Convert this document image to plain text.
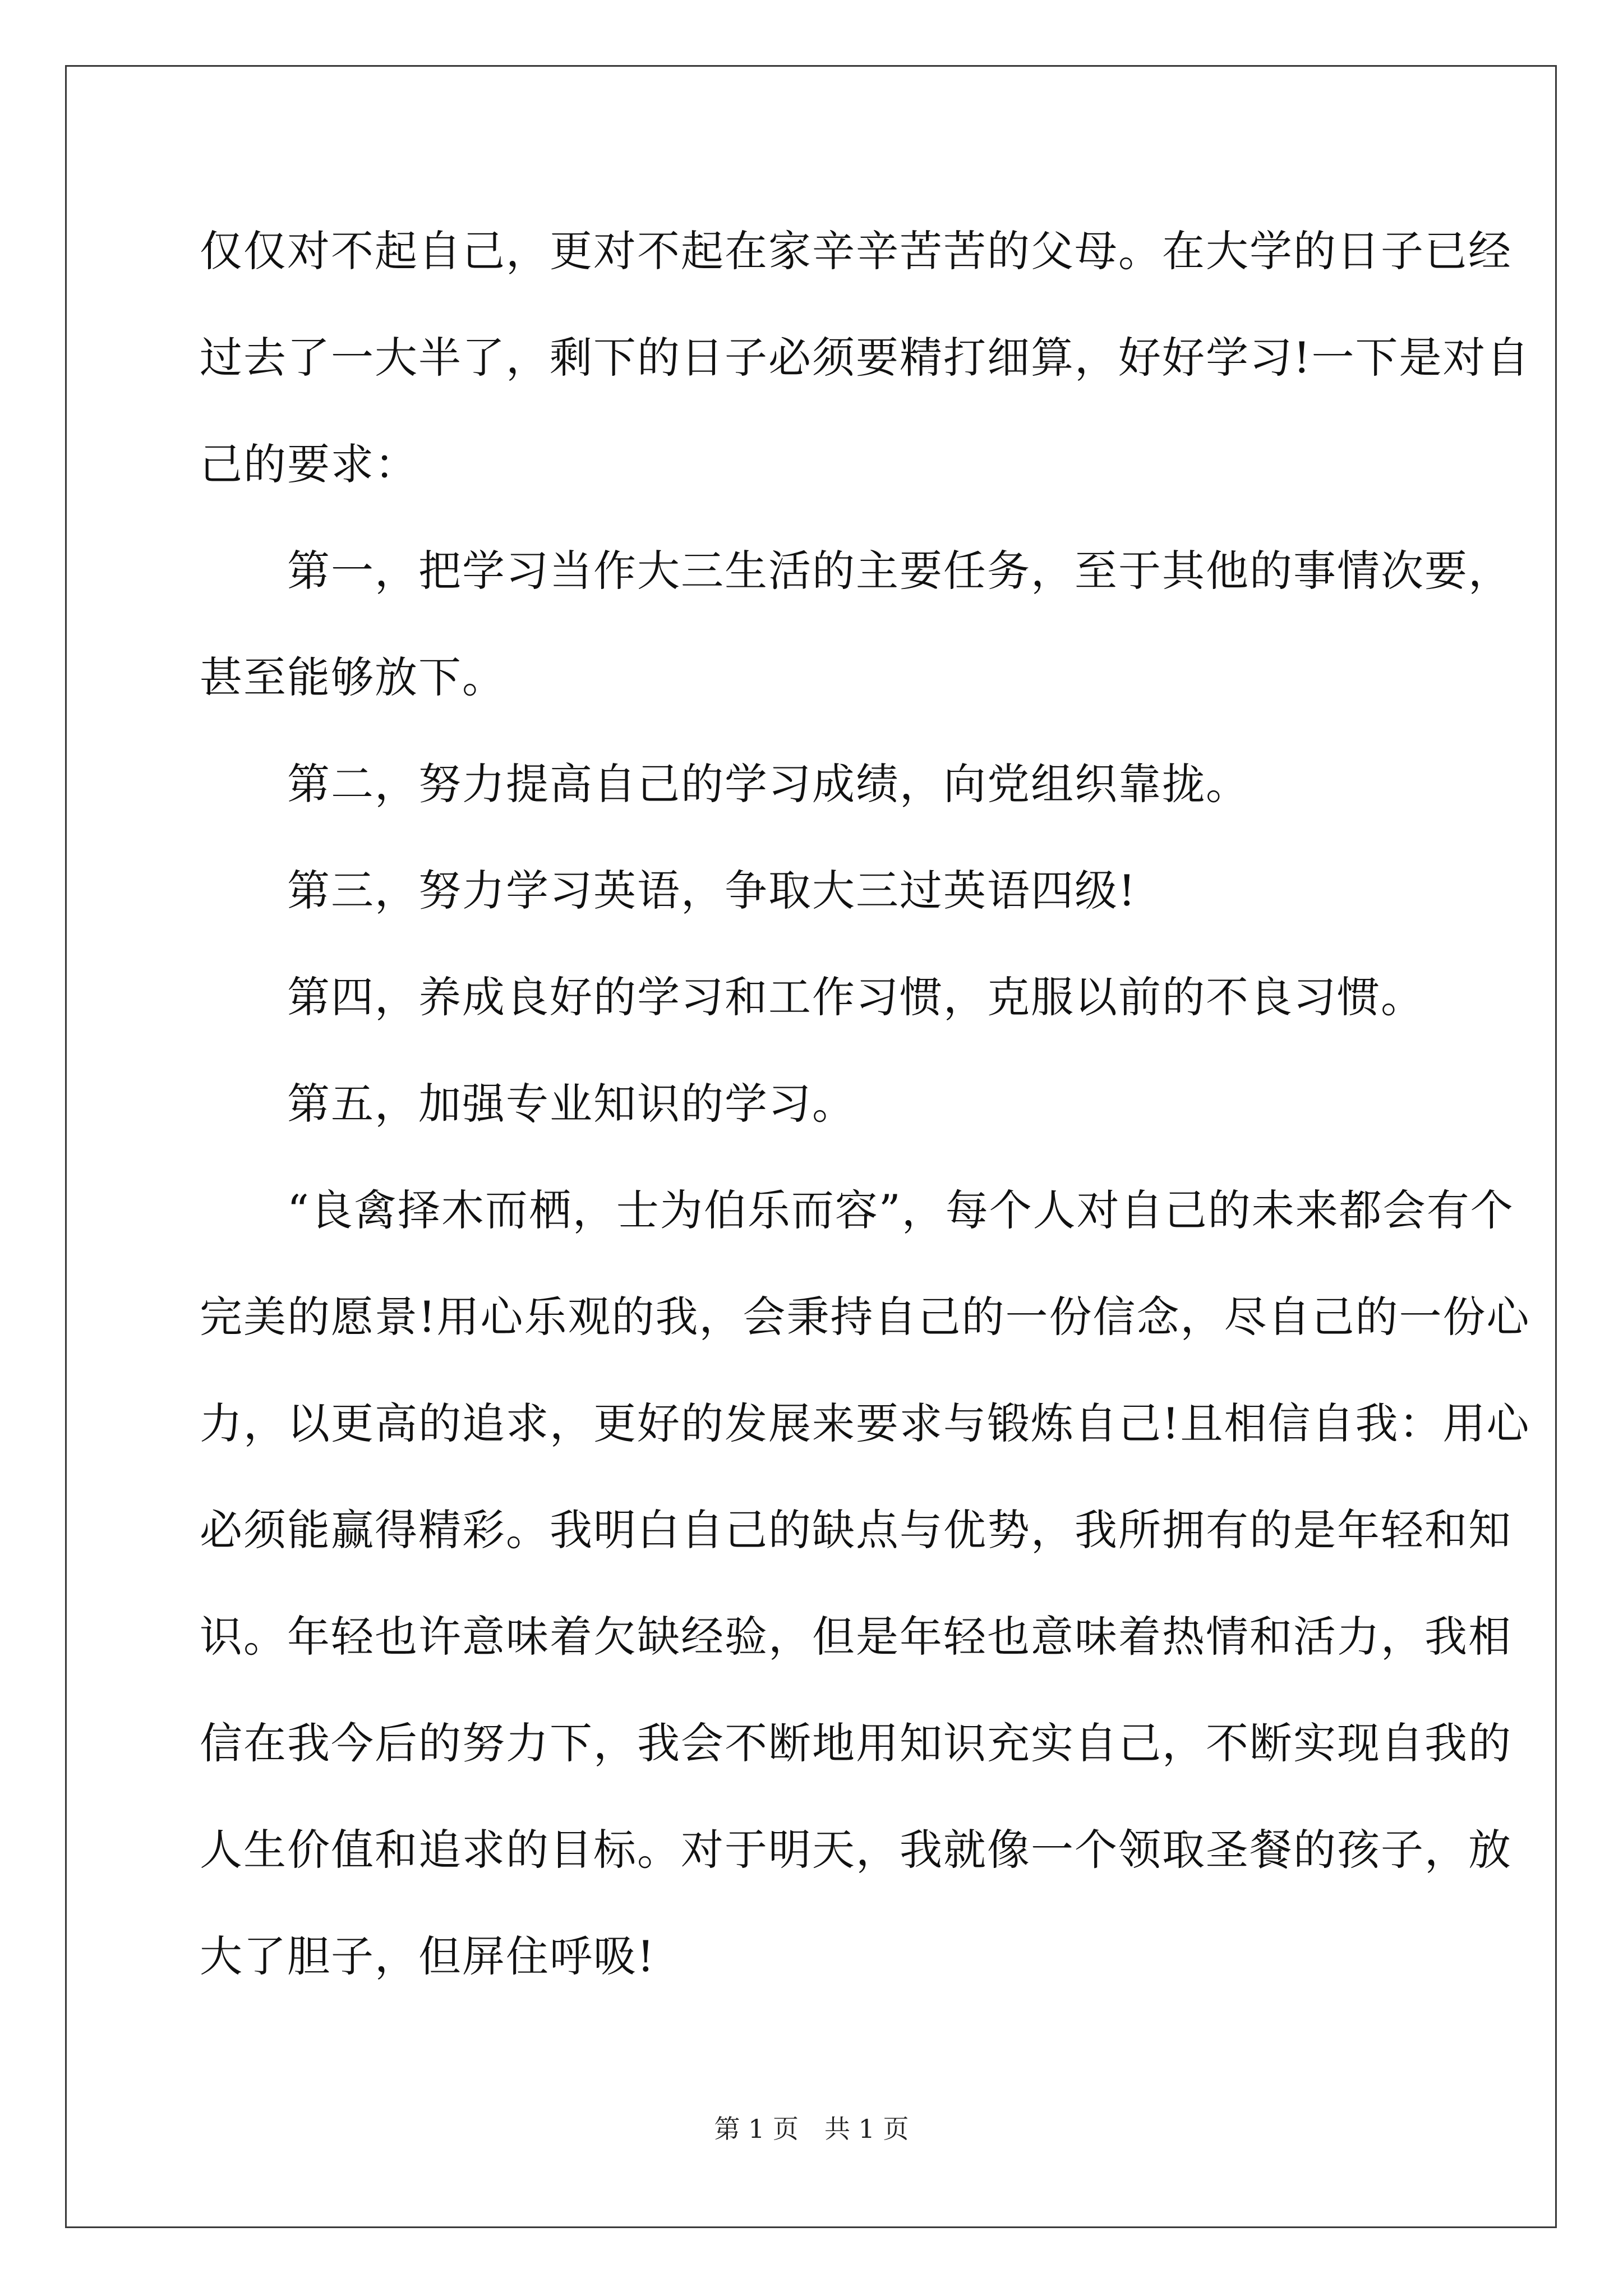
仅仅对不起自己，更对不起在家辛辛苦苦的父母。在大学的日子已经
过去了一大半了，剩下的日子必须要精打细算，好好学习!一下是对自
己的要求：
　　第一，把学习当作大三生活的主要任务，至于其他的事情次要，
甚至能够放下。
　　第二，努力提高自己的学习成绩，向党组织靠拢。
　　第三，努力学习英语，争取大三过英语四级!
　　第四，养成良好的学习和工作习惯，克服以前的不良习惯。
　　第五，加强专业知识的学习。
　　“良禽择木而栖，士为伯乐而容”，每个人对自己的未来都会有个
完美的愿景!用心乐观的我，会秉持自己的一份信念，尽自己的一份心
力，以更高的追求，更好的发展来要求与锻炼自己!且相信自我：用心
必须能赢得精彩。我明白自己的缺点与优势，我所拥有的是年轻和知
识。年轻也许意味着欠缺经验，但是年轻也意味着热情和活力，我相
信在我今后的努力下，我会不断地用知识充实自己，不断实现自我的
人生价值和追求的目标。对于明天，我就像一个领取圣餐的孩子，放
大了胆子，但屏住呼吸!
第 1 页　共 1 页
